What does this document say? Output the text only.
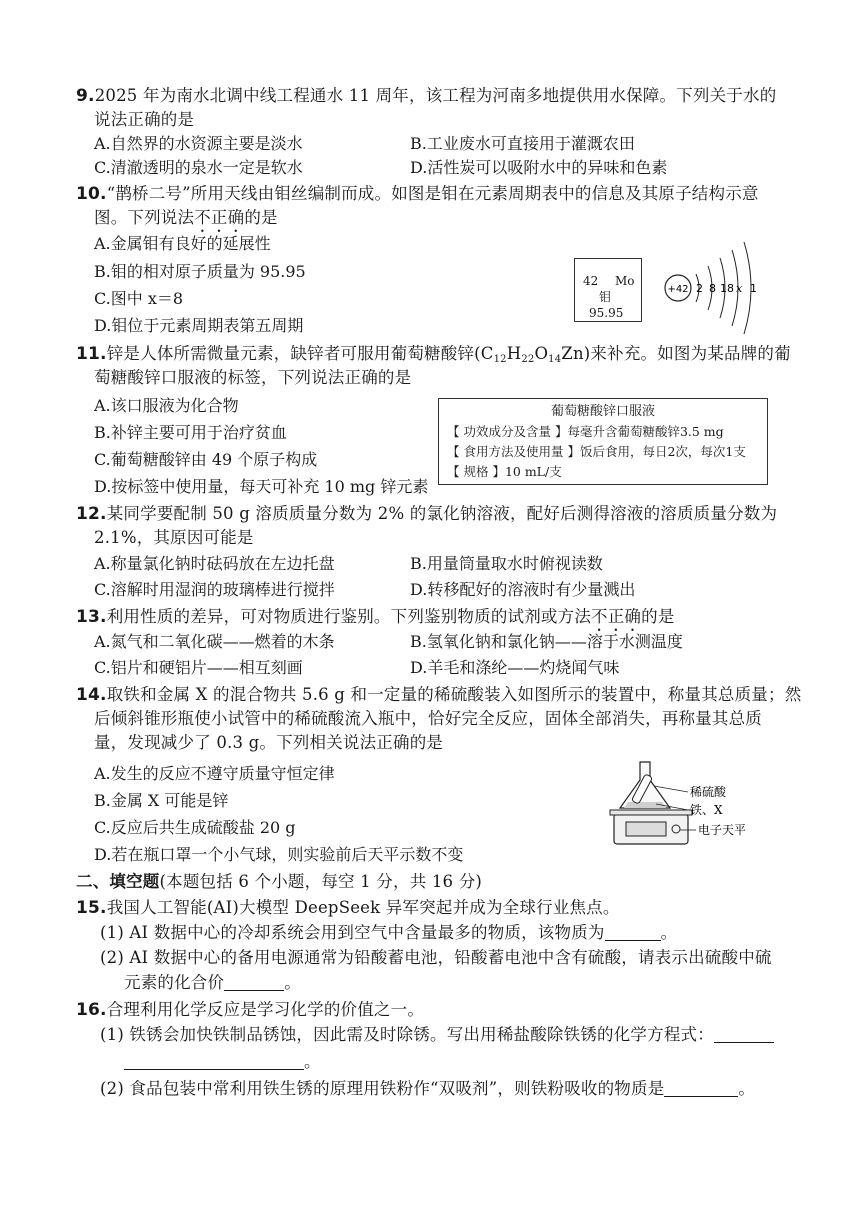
9.2025 年为南水北调中线工程通水 11 周年，该工程为河南多地提供用水保障。下列关于水的
说法正确的是
A.自然界的水资源主要是淡水	B.工业废水可直接用于灌溉农田
C.清澈透明的泉水一定是软水	D.活性炭可以吸附水中的异味和色素
10.“鹊桥二号”所用天线由钼丝编制而成。如图是钼在元素周期表中的信息及其原子结构示意
图。下列说法不正确的是
A.金属钼有良好的延展性
B.钼的相对原子质量为 95.95
C.图中 x＝8
D.钼位于元素周期表第五周期
42 Mo
钼
95.95
+42 2 8 18 x 1
11.锌是人体所需微量元素，缺锌者可服用葡萄糖酸锌$(C_{12}H_{22}O_{14}Zn)$来补充。如图为某品牌的葡
萄糖酸锌口服液的标签，下列说法正确的是
A.该口服液为化合物
B.补锌主要可用于治疗贫血
C.葡萄糖酸锌由 49 个原子构成
D.按标签中使用量，每天可补充 10 mg 锌元素
葡萄糖酸锌口服液
【 功效成分及含量 】每毫升含葡萄糖酸锌3.5 mg
【 食用方法及使用量 】饭后食用，每日2次，每次1支
【 规格 】10 mL/支
12.某同学要配制 50 g 溶质质量分数为 2% 的氯化钠溶液，配好后测得溶液的溶质质量分数为
2.1%，其原因可能是
A.称量氯化钠时砝码放在左边托盘	B.用量筒量取水时俯视读数
C.溶解时用湿润的玻璃棒进行搅拌	D.转移配好的溶液时有少量溅出
13.利用性质的差异，可对物质进行鉴别。下列鉴别物质的试剂或方法不正确的是
A.氮气和二氧化碳——燃着的木条	B.氢氧化钠和氯化钠——溶于水测温度
C.铝片和硬铝片——相互刻画	D.羊毛和涤纶——灼烧闻气味
14.取铁和金属 X 的混合物共 5.6 g 和一定量的稀硫酸装入如图所示的装置中，称量其总质量；然
后倾斜锥形瓶使小试管中的稀硫酸流入瓶中，恰好完全反应，固体全部消失，再称量其总质
量，发现减少了 0.3 g。下列相关说法正确的是
A.发生的反应不遵守质量守恒定律
B.金属 X 可能是锌
C.反应后共生成硫酸盐 20 g
D.若在瓶口罩一个小气球，则实验前后天平示数不变
稀硫酸
铁、X
电子天平
二、填空题(本题包括 6 个小题，每空 1 分，共 16 分)
15.我国人工智能(AI)大模型 DeepSeek 异军突起并成为全球行业焦点。
(1) AI 数据中心的冷却系统会用到空气中含量最多的物质，该物质为	。
(2) AI 数据中心的备用电源通常为铅酸蓄电池，铅酸蓄电池中含有硫酸，请表示出硫酸中硫
元素的化合价	。
16.合理利用化学反应是学习化学的价值之一。
(1) 铁锈会加快铁制品锈蚀，因此需及时除锈。写出用稀盐酸除铁锈的化学方程式：
。
(2) 食品包装中常利用铁生锈的原理用铁粉作“双吸剂”，则铁粉吸收的物质是	。
